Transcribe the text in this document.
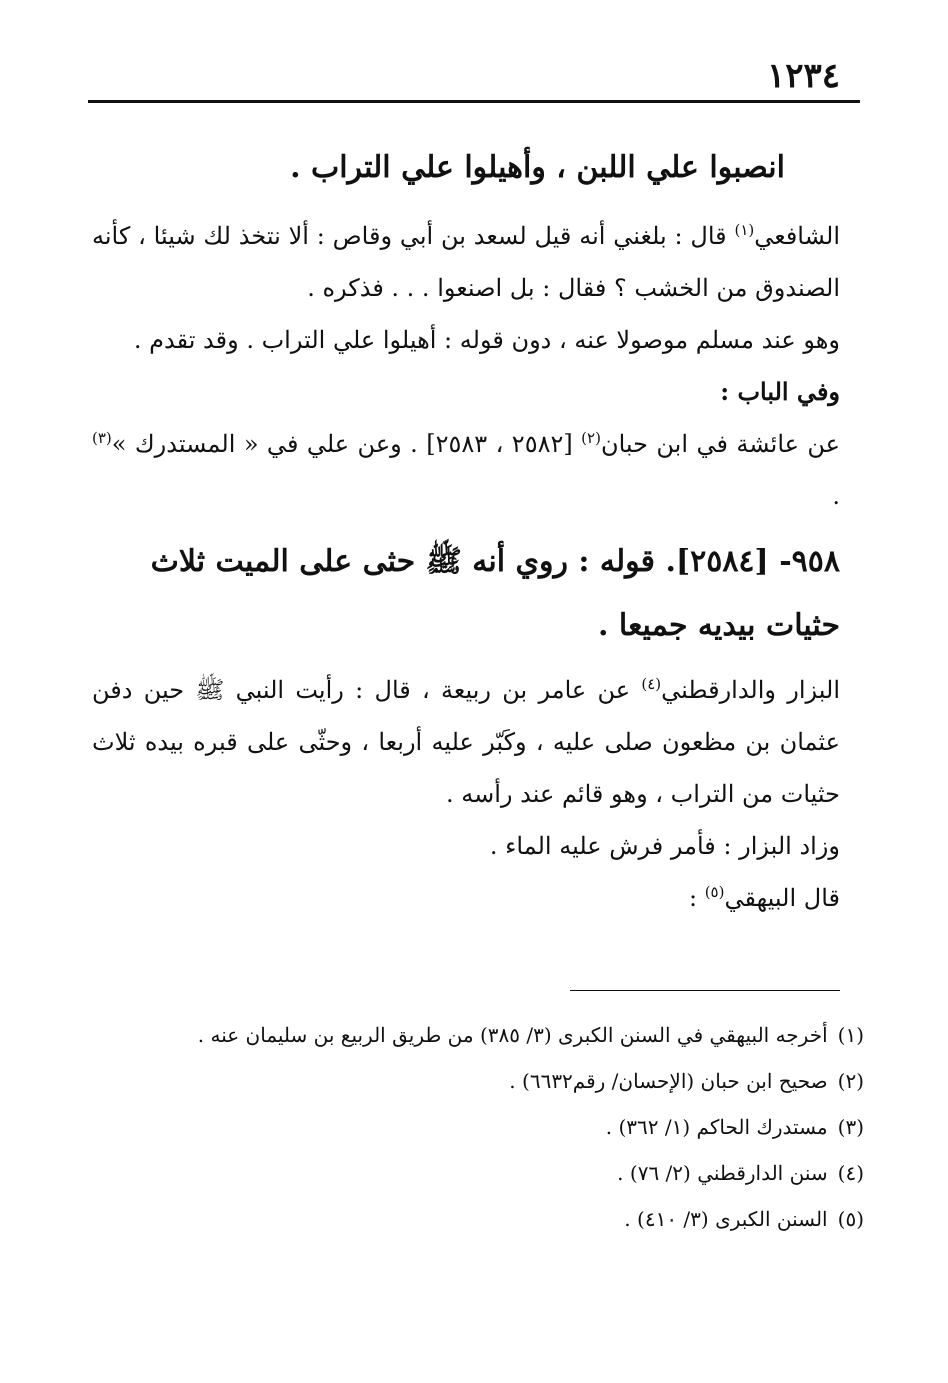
١٢٣٤

انصبوا علي اللبن ، وأهيلوا علي التراب .

الشافعي$^{(١)}$ قال : بلغني أنه قيل لسعد بن أبي وقاص : ألا نتخذ لك شيئا ، كأنه الصندوق من الخشب ؟ فقال : بل اصنعوا . . . فذكره .

وهو عند مسلم موصولا عنه ، دون قوله : أهيلوا علي التراب . وقد تقدم .

وفي الباب :

عن عائشة في ابن حبان$^{(٢)}$ [٢٥٨٢ ، ٢٥٨٣] . وعن علي في « المستدرك »$^{(٣)}$ .

٩٥٨- [٢٥٨٤]. قوله : روي أنه ﷺ حثى على الميت ثلاث حثيات بيديه جميعا .

البزار والدارقطني$^{(٤)}$ عن عامر بن ربيعة ، قال : رأيت النبي ﷺ حين دفن عثمان بن مظعون صلى عليه ، وكَبّر عليه أربعا ، وحثّى على قبره بيده ثلاث حثيات من التراب ، وهو قائم عند رأسه .

وزاد البزار : فأمر فرش عليه الماء .

قال البيهقي$^{(٥)}$ :

(١)أخرجه البيهقي في السنن الكبرى (٣/ ٣٨٥) من طريق الربيع بن سليمان عنه .

(٢)صحيح ابن حبان (الإحسان/ رقم٦٦٣٢) .

(٣)مستدرك الحاكم (١/ ٣٦٢) .

(٤)سنن الدارقطني (٢/ ٧٦) .

(٥)السنن الكبرى (٣/ ٤١٠) .
